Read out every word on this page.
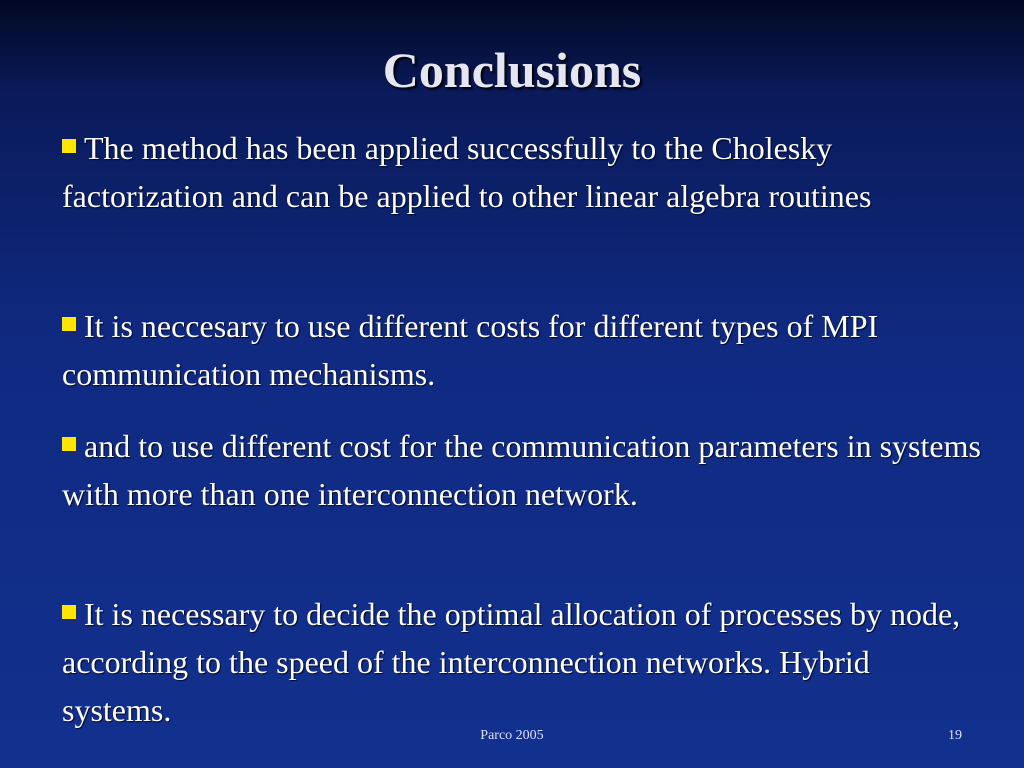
Conclusions
The method has been applied successfully to the Cholesky factorization and can be applied to other linear algebra routines
It is neccesary to use different costs for different types of MPI communication mechanisms.
and to use different cost for the communication parameters in systems with more than one interconnection network.
It is necessary to decide the optimal allocation of processes by node, according to the speed of the interconnection networks. Hybrid systems.
Parco 2005	19
